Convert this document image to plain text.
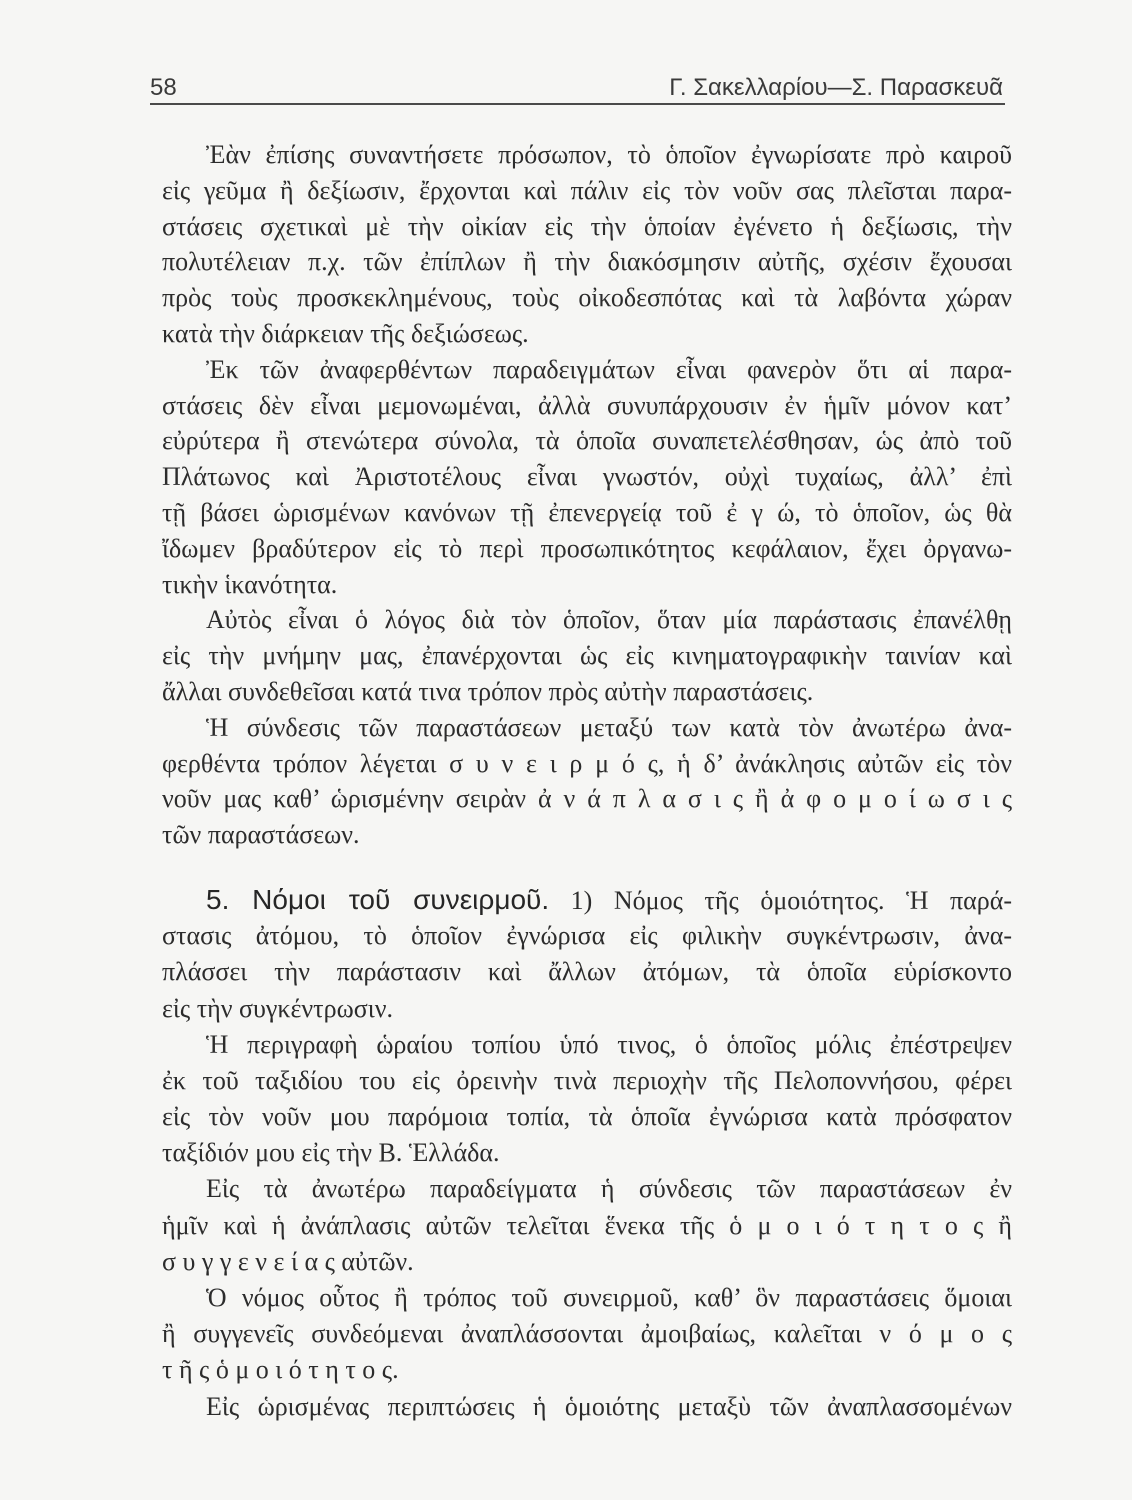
58	Γ. Σακελλαρίου—Σ. Παρασκευᾶ
Ἐὰν ἐπίσης συναντήσετε πρόσωπον, τὸ ὁποῖον ἐγνωρίσατε πρὸ καιροῦ
εἰς γεῦμα ἢ δεξίωσιν, ἔρχονται καὶ πάλιν εἰς τὸν νοῦν σας πλεῖσται παρα-
στάσεις σχετικαὶ μὲ τὴν οἰκίαν εἰς τὴν ὁποίαν ἐγένετο ἡ δεξίωσις, τὴν
πολυτέλειαν π.χ. τῶν ἐπίπλων ἢ τὴν διακόσμησιν αὐτῆς, σχέσιν ἔχουσαι
πρὸς τοὺς προσκεκλημένους, τοὺς οἰκοδεσπότας καὶ τὰ λαβόντα χώραν
κατὰ τὴν διάρκειαν τῆς δεξιώσεως.
Ἐκ τῶν ἀναφερθέντων παραδειγμάτων εἶναι φανερὸν ὅτι αἱ παρα-
στάσεις δὲν εἶναι μεμονωμέναι, ἀλλὰ συνυπάρχουσιν ἐν ἡμῖν μόνον κατ’
εὐρύτερα ἢ στενώτερα σύνολα, τὰ ὁποῖα συναπετελέσθησαν, ὡς ἀπὸ τοῦ
Πλάτωνος καὶ Ἀριστοτέλους εἶναι γνωστόν, οὐχὶ τυχαίως, ἀλλ’ ἐπὶ
τῇ βάσει ὡρισμένων κανόνων τῇ ἐπενεργείᾳ τοῦ ἐ γ ώ, τὸ ὁποῖον, ὡς θὰ
ἴδωμεν βραδύτερον εἰς τὸ περὶ προσωπικότητος κεφάλαιον, ἔχει ὀργανω-
τικὴν ἱκανότητα.
Αὐτὸς εἶναι ὁ λόγος διὰ τὸν ὁποῖον, ὅταν μία παράστασις ἐπανέλθῃ
εἰς τὴν μνήμην μας, ἐπανέρχονται ὡς εἰς κινηματογραφικὴν ταινίαν καὶ
ἄλλαι συνδεθεῖσαι κατά τινα τρόπον πρὸς αὐτὴν παραστάσεις.
Ἡ σύνδεσις τῶν παραστάσεων μεταξύ των κατὰ τὸν ἀνωτέρω ἀνα-
φερθέντα τρόπον λέγεται σ υ ν ε ι ρ μ ό ς, ἡ δ’ ἀνάκλησις αὐτῶν εἰς τὸν
νοῦν μας καθ’ ὡρισμένην σειρὰν ἀ ν ά π λ α σ ι ς ἢ ἀ φ ο μ ο ί ω σ ι ς
τῶν παραστάσεων.
5. Νόμοι τοῦ συνειρμοῦ. 1) Νόμος τῆς ὁμοιότητος. Ἡ παρά-
στασις ἀτόμου, τὸ ὁποῖον ἐγνώρισα εἰς φιλικὴν συγκέντρωσιν, ἀνα-
πλάσσει τὴν παράστασιν καὶ ἄλλων ἀτόμων, τὰ ὁποῖα εὑρίσκοντο
εἰς τὴν συγκέντρωσιν.
Ἡ περιγραφὴ ὡραίου τοπίου ὑπό τινος, ὁ ὁποῖος μόλις ἐπέστρεψεν
ἐκ τοῦ ταξιδίου του εἰς ὀρεινὴν τινὰ περιοχὴν τῆς Πελοποννήσου, φέρει
εἰς τὸν νοῦν μου παρόμοια τοπία, τὰ ὁποῖα ἐγνώρισα κατὰ πρόσφατον
ταξίδιόν μου εἰς τὴν Β. Ἑλλάδα.
Εἰς τὰ ἀνωτέρω παραδείγματα ἡ σύνδεσις τῶν παραστάσεων ἐν
ἡμῖν καὶ ἡ ἀνάπλασις αὐτῶν τελεῖται ἕνεκα τῆς ὁ μ ο ι ό τ η τ ο ς ἢ
σ υ γ γ ε ν ε ί α ς αὐτῶν.
Ὁ νόμος οὗτος ἢ τρόπος τοῦ συνειρμοῦ, καθ’ ὃν παραστάσεις ὅμοιαι
ἢ συγγενεῖς συνδεόμεναι ἀναπλάσσονται ἀμοιβαίως, καλεῖται ν ό μ ο ς
τ ῆ ς ὁ μ ο ι ό τ η τ ο ς.
Εἰς ὡρισμένας περιπτώσεις ἡ ὁμοιότης μεταξὺ τῶν ἀναπλασσομένων
